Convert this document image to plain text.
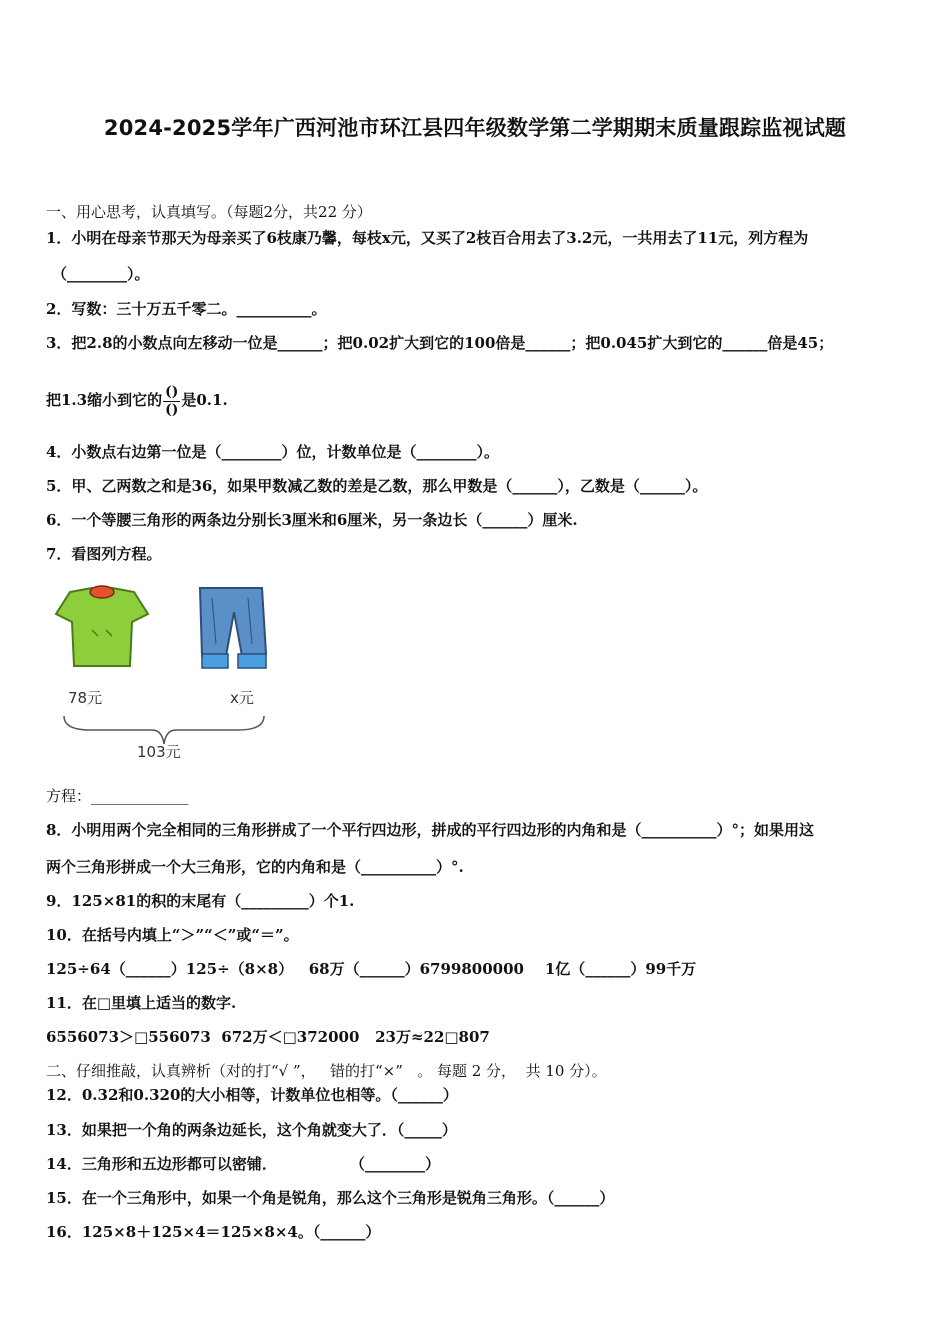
2024-2025学年广西河池市环江县四年级数学第二学期期末质量跟踪监视试题
一、用心思考，认真填写。（每题2分，共22 分）
1．小明在母亲节那天为母亲买了6枝康乃馨，每枝x元，又买了2枝百合用去了3.2元，一共用去了11元，列方程为
（________）。
2．写数：三十万五千零二。__________。
3．把2.8的小数点向左移动一位是______；把0.02扩大到它的100倍是______；把0.045扩大到它的______倍是45；
把1.3缩小到它的 $\frac{()}{()}$ 是0.1.
4．小数点右边第一位是（________）位，计数单位是（________）。
5．甲、乙两数之和是36，如果甲数减乙数的差是乙数，那么甲数是（______），乙数是（______）。
6．一个等腰三角形的两条边分别长3厘米和6厘米，另一条边长（______）厘米.
7．看图列方程。
78元	x元
103元
方程：_____________
8．小明用两个完全相同的三角形拼成了一个平行四边形，拼成的平行四边形的内角和是（__________）°；如果用这
两个三角形拼成一个大三角形，它的内角和是（__________）°.
9．125×81的积的末尾有（_________）个1.
10．在括号内填上“＞”“＜”或“＝”。
125÷64（______）125÷（8×8）   68万（______）6799800000    1亿（______）99千万
11．在□里填上适当的数字.
6556073＞□556073  672万＜□372000   23万≈22□807
二、仔细推敲，认真辨析（对的打“√ ”，   错的打“×”   。 每题 2 分，  共 10 分）。
12．0.32和0.320的大小相等，计数单位也相等。（______）
13．如果把一个角的两条边延长，这个角就变大了．（_____）
14．三角形和五边形都可以密铺．              （________）
15．在一个三角形中，如果一个角是锐角，那么这个三角形是锐角三角形。（______）
16．125×8＋125×4＝125×8×4。（______）
